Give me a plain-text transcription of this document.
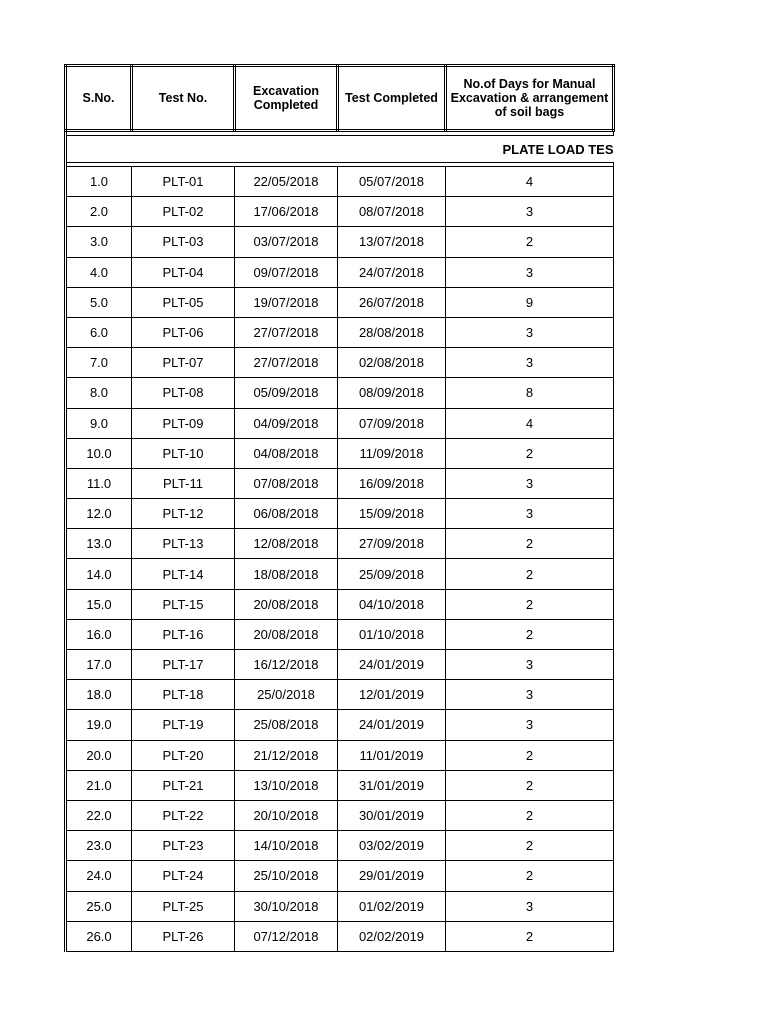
S.No.	Test No.	Excavation Completed	Test Completed	No.of Days for Manual Excavation & arrangement of soil bags

PLATE LOAD TES				

1.0	PLT-01	22/05/2018	05/07/2018	4
2.0	PLT-02	17/06/2018	08/07/2018	3
3.0	PLT-03	03/07/2018	13/07/2018	2
4.0	PLT-04	09/07/2018	24/07/2018	3
5.0	PLT-05	19/07/2018	26/07/2018	9
6.0	PLT-06	27/07/2018	28/08/2018	3
7.0	PLT-07	27/07/2018	02/08/2018	3
8.0	PLT-08	05/09/2018	08/09/2018	8
9.0	PLT-09	04/09/2018	07/09/2018	4
10.0	PLT-10	04/08/2018	11/09/2018	2
11.0	PLT-11	07/08/2018	16/09/2018	3
12.0	PLT-12	06/08/2018	15/09/2018	3
13.0	PLT-13	12/08/2018	27/09/2018	2
14.0	PLT-14	18/08/2018	25/09/2018	2
15.0	PLT-15	20/08/2018	04/10/2018	2
16.0	PLT-16	20/08/2018	01/10/2018	2
17.0	PLT-17	16/12/2018	24/01/2019	3
18.0	PLT-18	25/0/2018	12/01/2019	3
19.0	PLT-19	25/08/2018	24/01/2019	3
20.0	PLT-20	21/12/2018	11/01/2019	2
21.0	PLT-21	13/10/2018	31/01/2019	2
22.0	PLT-22	20/10/2018	30/01/2019	2
23.0	PLT-23	14/10/2018	03/02/2019	2
24.0	PLT-24	25/10/2018	29/01/2019	2
25.0	PLT-25	30/10/2018	01/02/2019	3
26.0	PLT-26	07/12/2018	02/02/2019	2
